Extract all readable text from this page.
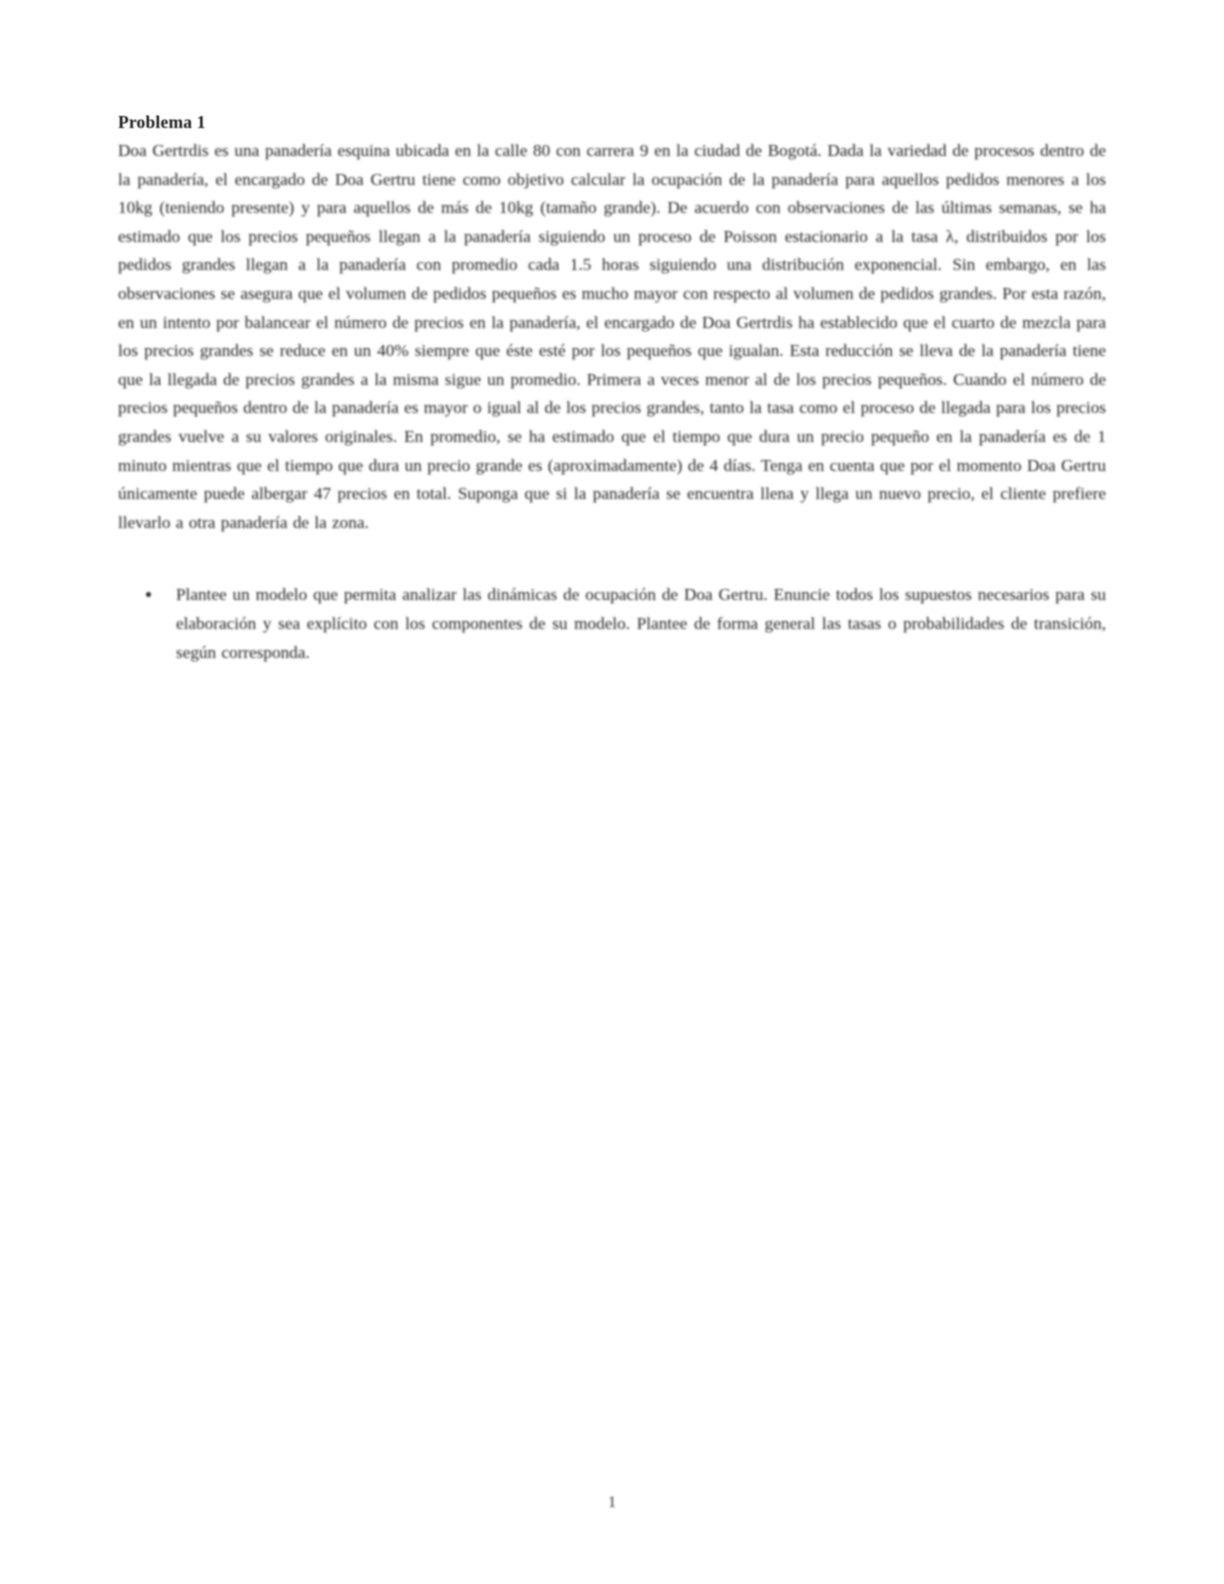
Problema 1

Doa Gertrdis es una panadería esquina ubicada en la calle 80 con carrera 9 en la ciudad de Bogotá. Dada la variedad de procesos dentro de la panadería, el encargado de Doa Gertru tiene como objetivo calcular la ocupación de la panadería para aquellos pedidos menores a los 10kg (teniendo presente) y para aquellos de más de 10kg (tamaño grande). De acuerdo con observaciones de las últimas semanas, se ha estimado que los precios pequeños llegan a la panadería siguiendo un proceso de Poisson estacionario a la tasa λ, distribuidos por los pedidos grandes llegan a la panadería con promedio cada 1.5 horas siguiendo una distribución exponencial. Sin embargo, en las observaciones se asegura que el volumen de pedidos pequeños es mucho mayor con respecto al volumen de pedidos grandes. Por esta razón, en un intento por balancear el número de precios en la panadería, el encargado de Doa Gertrdis ha establecido que el cuarto de mezcla para los precios grandes se reduce en un 40% siempre que éste esté por los pequeños que igualan. Esta reducción se lleva de la panadería tiene que la llegada de precios grandes a la misma sigue un promedio. Primera a veces menor al de los precios pequeños. Cuando el número de precios pequeños dentro de la panadería es mayor o igual al de los precios grandes, tanto la tasa como el proceso de llegada para los precios grandes vuelve a su valores originales. En promedio, se ha estimado que el tiempo que dura un precio pequeño en la panadería es de 1 minuto mientras que el tiempo que dura un precio grande es (aproximadamente) de 4 días. Tenga en cuenta que por el momento Doa Gertru únicamente puede albergar 47 precios en total. Suponga que si la panadería se encuentra llena y llega un nuevo precio, el cliente prefiere llevarlo a otra panadería de la zona.

Plantee un modelo que permita analizar las dinámicas de ocupación de Doa Gertru. Enuncie todos los supuestos necesarios para su elaboración y sea explícito con los componentes de su modelo. Plantee de forma general las tasas o probabilidades de transición, según corresponda.
1
